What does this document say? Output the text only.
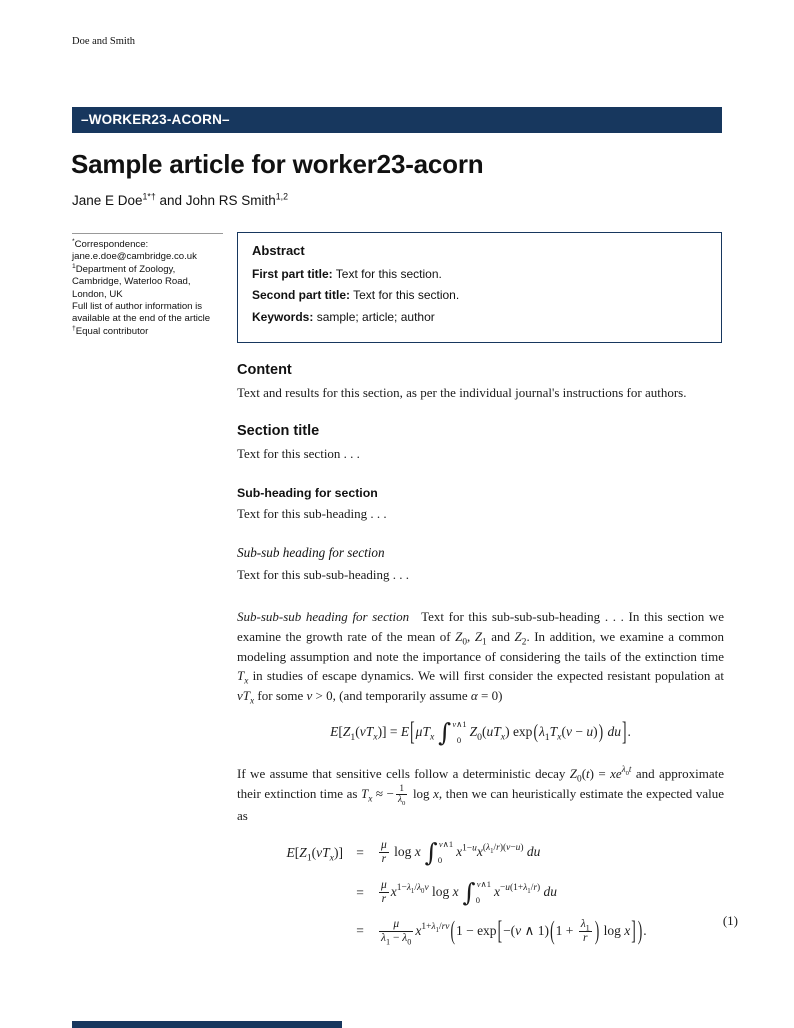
Doe and Smith
–WORKER23-ACORN–
Sample article for worker23-acorn
Jane E Doe$^{1*\dagger}$ and John RS Smith$^{1,2}$
*Correspondence:
jane.e.doe@cambridge.co.uk
$^1$Department of Zoology,
Cambridge, Waterloo Road,
London, UK
Full list of author information is
available at the end of the article
†Equal contributor
Abstract
First part title: Text for this section.
Second part title: Text for this section.
Keywords: sample; article; author
Content

Text and results for this section, as per the individual journal's instructions for authors.

Section title

Text for this section . . .

Sub-heading for section

Text for this sub-heading . . .

Sub-sub heading for section

Text for this sub-sub-heading . . .

Sub-sub-sub heading for section Text for this sub-sub-sub-heading . . . In this section we examine the growth rate of the mean of $Z_0$, $Z_1$ and $Z_2$. In addition, we examine a common modeling assumption and note the importance of considering the tails of the extinction time $T_x$ in studies of escape dynamics. We will first consider the expected resistant population at $vT_x$ for some v > 0, (and temporarily assume α = 0)

$E[Z_1(vT_x)] = E[\mu T_x$ ∫ v∧1
0
$Z_0(uT_x) \exp(\lambda_1T_x(v - u))$ du].

If we assume that sensitive cells follow a deterministic decay $Z_0(t) = xe^{\lambda_0t}$ and approximate their extinction time as $T_x$ ≈ − $\frac{1}{\lambda_0}$ log x, then we can heuristically estimate the expected value as

$E[Z_1(vT_x)]$ =	$\frac{\mu}{r}$ log x ∫ v∧1
0
$x^{1-u}x^{(\lambda_1/r)(v-u)}$ du
=	$\frac{\mu}{r} x^{1-\lambda_1/\lambda_0v}$ log x ∫ v∧1
0
$x^{-u(1+\lambda_1/r)}$ du
=	$\frac{\mu}{\lambda_1 - \lambda_0} x^{1+\lambda_1/rv}(1 - \exp[-(v$ ∧ $1)(1 + \frac{\lambda_1}{r}$ ) log x] ).
(1)
